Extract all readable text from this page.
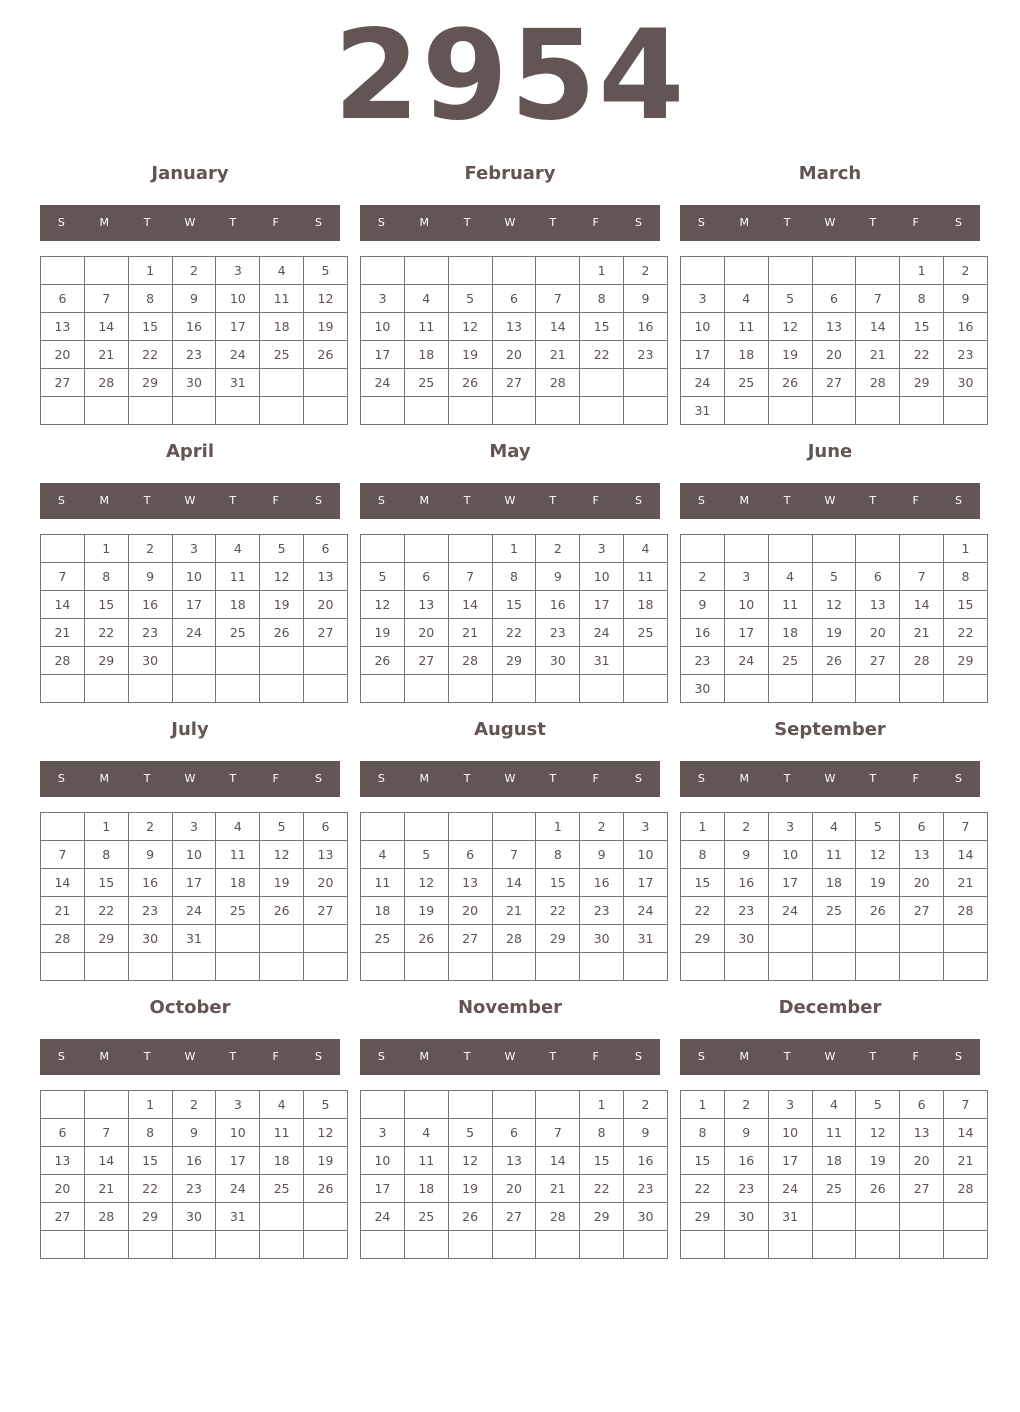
2954
January
S	M	T	W	T	F	S
		1	2	3	4	5
6	7	8	9	10	11	12
13	14	15	16	17	18	19
20	21	22	23	24	25	26
27	28	29	30	31		

February
S	M	T	W	T	F	S
					1	2
3	4	5	6	7	8	9
10	11	12	13	14	15	16
17	18	19	20	21	22	23
24	25	26	27	28		

March
S	M	T	W	T	F	S
					1	2
3	4	5	6	7	8	9
10	11	12	13	14	15	16
17	18	19	20	21	22	23
24	25	26	27	28	29	30
31						
April
S	M	T	W	T	F	S
	1	2	3	4	5	6
7	8	9	10	11	12	13
14	15	16	17	18	19	20
21	22	23	24	25	26	27
28	29	30				

May
S	M	T	W	T	F	S
			1	2	3	4
5	6	7	8	9	10	11
12	13	14	15	16	17	18
19	20	21	22	23	24	25
26	27	28	29	30	31	

June
S	M	T	W	T	F	S
						1
2	3	4	5	6	7	8
9	10	11	12	13	14	15
16	17	18	19	20	21	22
23	24	25	26	27	28	29
30						
July
S	M	T	W	T	F	S
	1	2	3	4	5	6
7	8	9	10	11	12	13
14	15	16	17	18	19	20
21	22	23	24	25	26	27
28	29	30	31			

August
S	M	T	W	T	F	S
				1	2	3
4	5	6	7	8	9	10
11	12	13	14	15	16	17
18	19	20	21	22	23	24
25	26	27	28	29	30	31

September
S	M	T	W	T	F	S
1	2	3	4	5	6	7
8	9	10	11	12	13	14
15	16	17	18	19	20	21
22	23	24	25	26	27	28
29	30					

October
S	M	T	W	T	F	S
		1	2	3	4	5
6	7	8	9	10	11	12
13	14	15	16	17	18	19
20	21	22	23	24	25	26
27	28	29	30	31		

November
S	M	T	W	T	F	S
					1	2
3	4	5	6	7	8	9
10	11	12	13	14	15	16
17	18	19	20	21	22	23
24	25	26	27	28	29	30

December
S	M	T	W	T	F	S
1	2	3	4	5	6	7
8	9	10	11	12	13	14
15	16	17	18	19	20	21
22	23	24	25	26	27	28
29	30	31				
